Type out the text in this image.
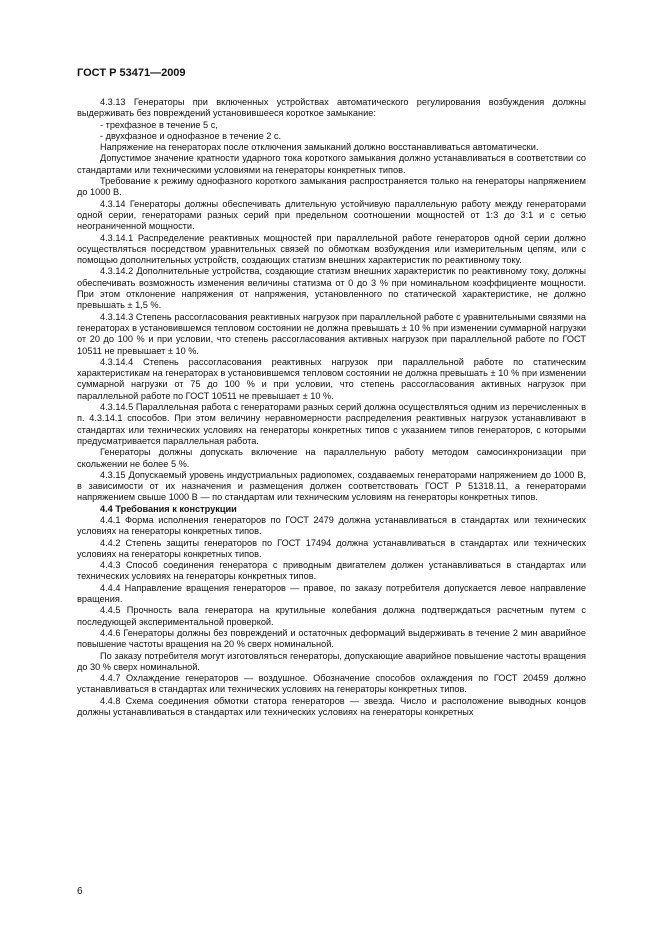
ГОСТ Р 53471—2009

4.3.13 Генераторы при включенных устройствах автоматического регулирования возбуждения должны выдерживать без повреждений установившееся короткое замыкание:

- трехфазное в течение 5 с,

- двухфазное и однофазное в течение 2 с.

Напряжение на генераторах после отключения замыканий должно восстанавливаться автоматически.

Допустимое значение кратности ударного тока короткого замыкания должно устанавливаться в соответствии со стандартами или техническими условиями на генераторы конкретных типов.

Требование к режиму однофазного короткого замыкания распространяется только на генераторы напряжением до 1000 В.

4.3.14 Генераторы должны обеспечивать длительную устойчивую параллельную работу между генераторами одной серии, генераторами разных серий при предельном соотношении мощностей от 1:3 до 3:1 и с сетью неограниченной мощности.

4.3.14.1 Распределение реактивных мощностей при параллельной работе генераторов одной серии должно осуществляться посредством уравнительных связей по обмоткам возбуждения или измерительным цепям, или с помощью дополнительных устройств, создающих статизм внешних характеристик по реактивному току.

4.3.14.2 Дополнительные устройства, создающие статизм внешних характеристик по реактивному току, должны обеспечивать возможность изменения величины статизма от 0 до 3 % при номинальном коэффициенте мощности. При этом отклонение напряжения от напряжения, установленного по статической характеристике, не должно превышать ± 1,5 %.

4.3.14.3 Степень рассогласования реактивных нагрузок при параллельной работе с уравнительными связями на генераторах в установившемся тепловом состоянии не должна превышать ± 10 % при изменении суммарной нагрузки от 20 до 100 % и при условии, что степень рассогласования активных нагрузок при параллельной работе по ГОСТ 10511 не превышает ± 10 %.

4.3.14.4 Степень рассогласования реактивных нагрузок при параллельной работе по статическим характеристикам на генераторах в установившемся тепловом состоянии не должна превышать ± 10 % при изменении суммарной нагрузки от 75 до 100 % и при условии, что степень рассогласования активных нагрузок при параллельной работе по ГОСТ 10511 не превышает ± 10 %.

4.3.14.5 Параллельная работа с генераторами разных серий должна осуществляться одним из перечисленных в п. 4.3.14.1 способов. При этом величину неравномерности распределения реактивных нагрузок устанавливают в стандартах или технических условиях на генераторы конкретных типов с указанием типов генераторов, с которыми предусматривается параллельная работа.

Генераторы должны допускать включение на параллельную работу методом самосинхронизации при скольжении не более 5 %.

4.3.15 Допускаемый уровень индустриальных радиопомех, создаваемых генераторами напряжением до 1000 В, в зависимости от их назначения и размещения должен соответствовать ГОСТ Р 51318.11, а генераторами напряжением свыше 1000 В — по стандартам или техническим условиям на генераторы конкретных типов.

4.4 Требования к конструкции

4.4.1 Форма исполнения генераторов по ГОСТ 2479 должна устанавливаться в стандартах или технических условиях на генераторы конкретных типов.

4.4.2 Степень защиты генераторов по ГОСТ 17494 должна устанавливаться в стандартах или технических условиях на генераторы конкретных типов.

4.4.3 Способ соединения генератора с приводным двигателем должен устанавливаться в стандартах или технических условиях на генераторы конкретных типов.

4.4.4 Направление вращения генераторов — правое, по заказу потребителя допускается левое направление вращения.

4.4.5 Прочность вала генератора на крутильные колебания должна подтверждаться расчетным путем с последующей экспериментальной проверкой.

4.4.6 Генераторы должны без повреждений и остаточных деформаций выдерживать в течение 2 мин аварийное повышение частоты вращения на 20 % сверх номинальной.

По заказу потребителя могут изготовляться генераторы, допускающие аварийное повышение частоты вращения до 30 % сверх номинальной.

4.4.7 Охлаждение генераторов — воздушное. Обозначение способов охлаждения по ГОСТ 20459 должно устанавливаться в стандартах или технических условиях на генераторы конкретных типов.

4.4.8 Схема соединения обмотки статора генераторов — звезда. Число и расположение выводных концов должны устанавливаться в стандартах или технических условиях на генераторы конкретных

6
